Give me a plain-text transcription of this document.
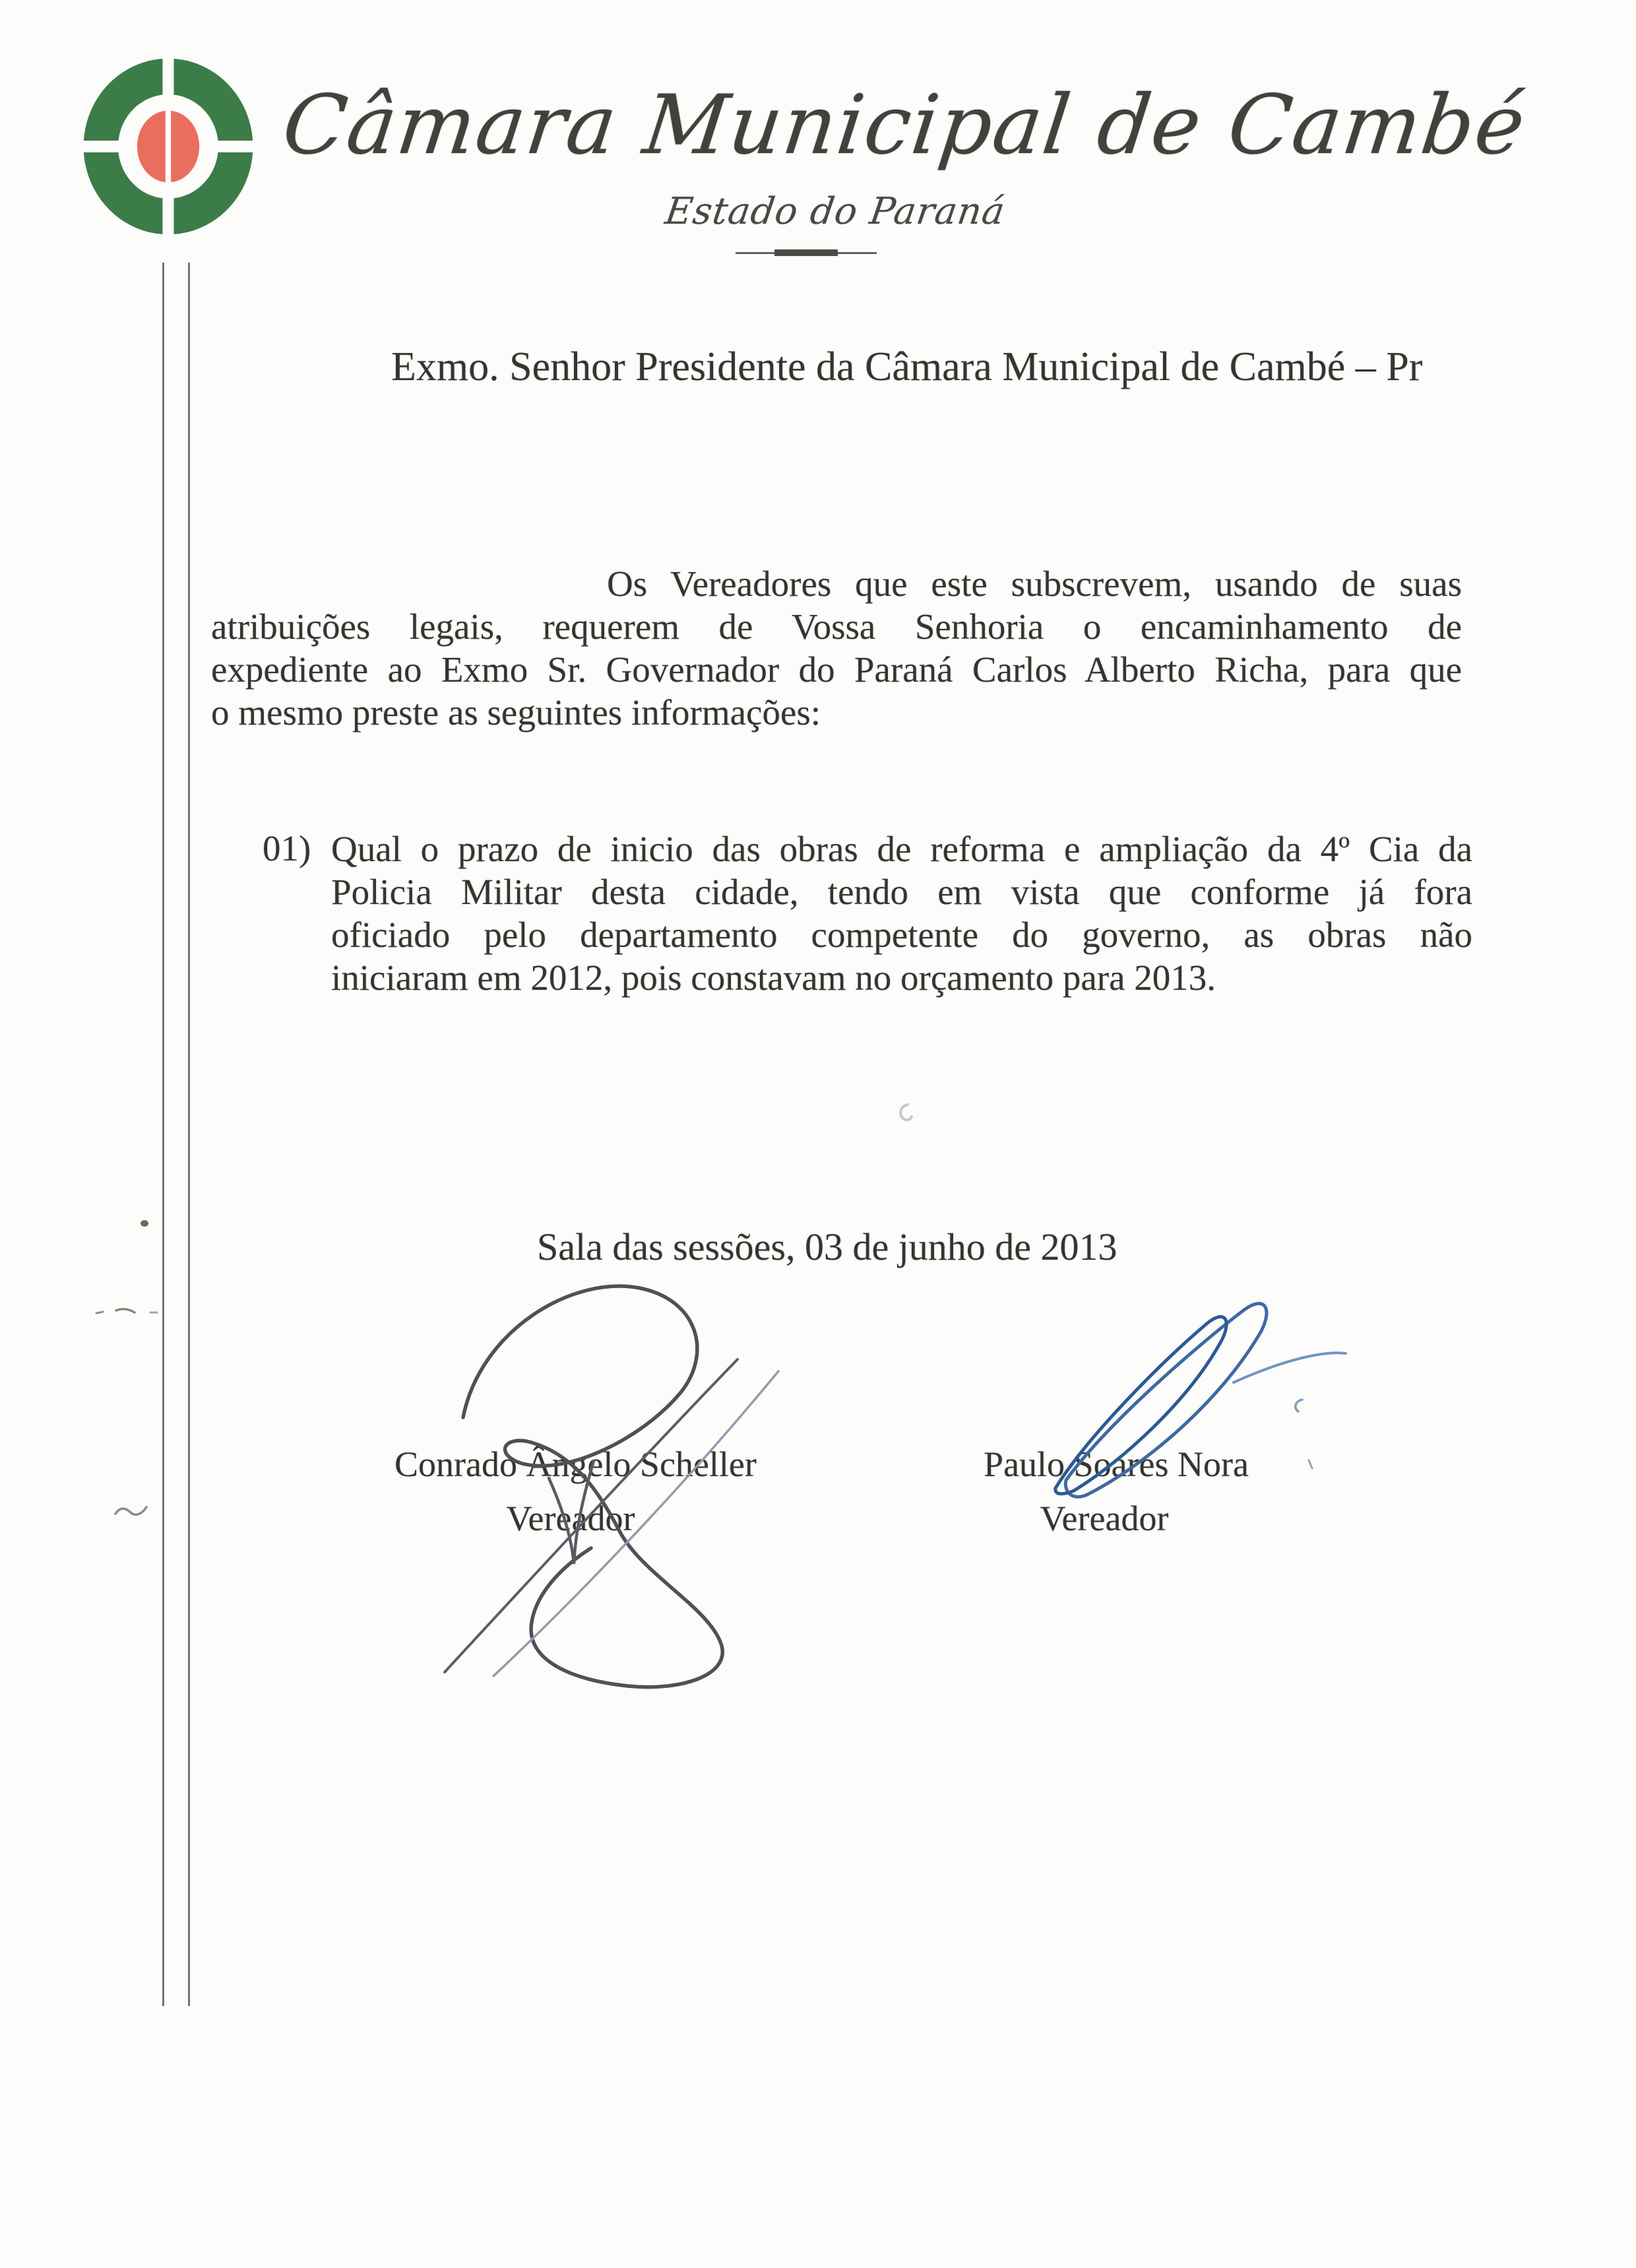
Câmara Municipal de Cambé
Estado do Paraná
Exmo. Senhor Presidente da Câmara Municipal de Cambé – Pr
Os Vereadores que este subscrevem, usando de suas
atribuições legais, requerem de Vossa Senhoria o encaminhamento de
expediente ao Exmo Sr. Governador do Paraná Carlos Alberto Richa, para que
o mesmo preste as seguintes informações:
01) Qual o prazo de inicio das obras de reforma e ampliação da 4º Cia da
Policia Militar desta cidade, tendo em vista que conforme já fora
oficiado pelo departamento competente do governo, as obras não
iniciaram em 2012, pois constavam no orçamento para 2013.
Sala das sessões, 03 de junho de 2013
Conrado Ângelo Scheller
Vereador
Paulo Soares Nora
Vereador
